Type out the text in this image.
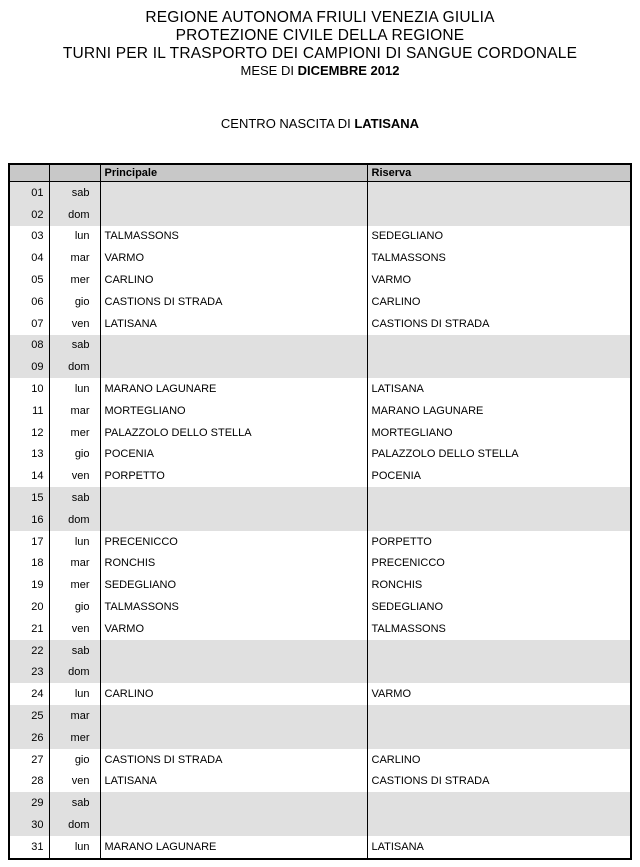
REGIONE AUTONOMA FRIULI VENEZIA GIULIA
PROTEZIONE CIVILE DELLA REGIONE
TURNI PER IL TRASPORTO DEI CAMPIONI DI SANGUE CORDONALE
MESE DI DICEMBRE 2012
CENTRO NASCITA DI LATISANA
		Principale	Riserva
01	sab		
02	dom		
03	lun	TALMASSONS	SEDEGLIANO
04	mar	VARMO	TALMASSONS
05	mer	CARLINO	VARMO
06	gio	CASTIONS DI STRADA	CARLINO
07	ven	LATISANA	CASTIONS DI STRADA
08	sab		
09	dom		
10	lun	MARANO LAGUNARE	LATISANA
11	mar	MORTEGLIANO	MARANO LAGUNARE
12	mer	PALAZZOLO DELLO STELLA	MORTEGLIANO
13	gio	POCENIA	PALAZZOLO DELLO STELLA
14	ven	PORPETTO	POCENIA
15	sab		
16	dom		
17	lun	PRECENICCO	PORPETTO
18	mar	RONCHIS	PRECENICCO
19	mer	SEDEGLIANO	RONCHIS
20	gio	TALMASSONS	SEDEGLIANO
21	ven	VARMO	TALMASSONS
22	sab		
23	dom		
24	lun	CARLINO	VARMO
25	mar		
26	mer		
27	gio	CASTIONS DI STRADA	CARLINO
28	ven	LATISANA	CASTIONS DI STRADA
29	sab		
30	dom		
31	lun	MARANO LAGUNARE	LATISANA
